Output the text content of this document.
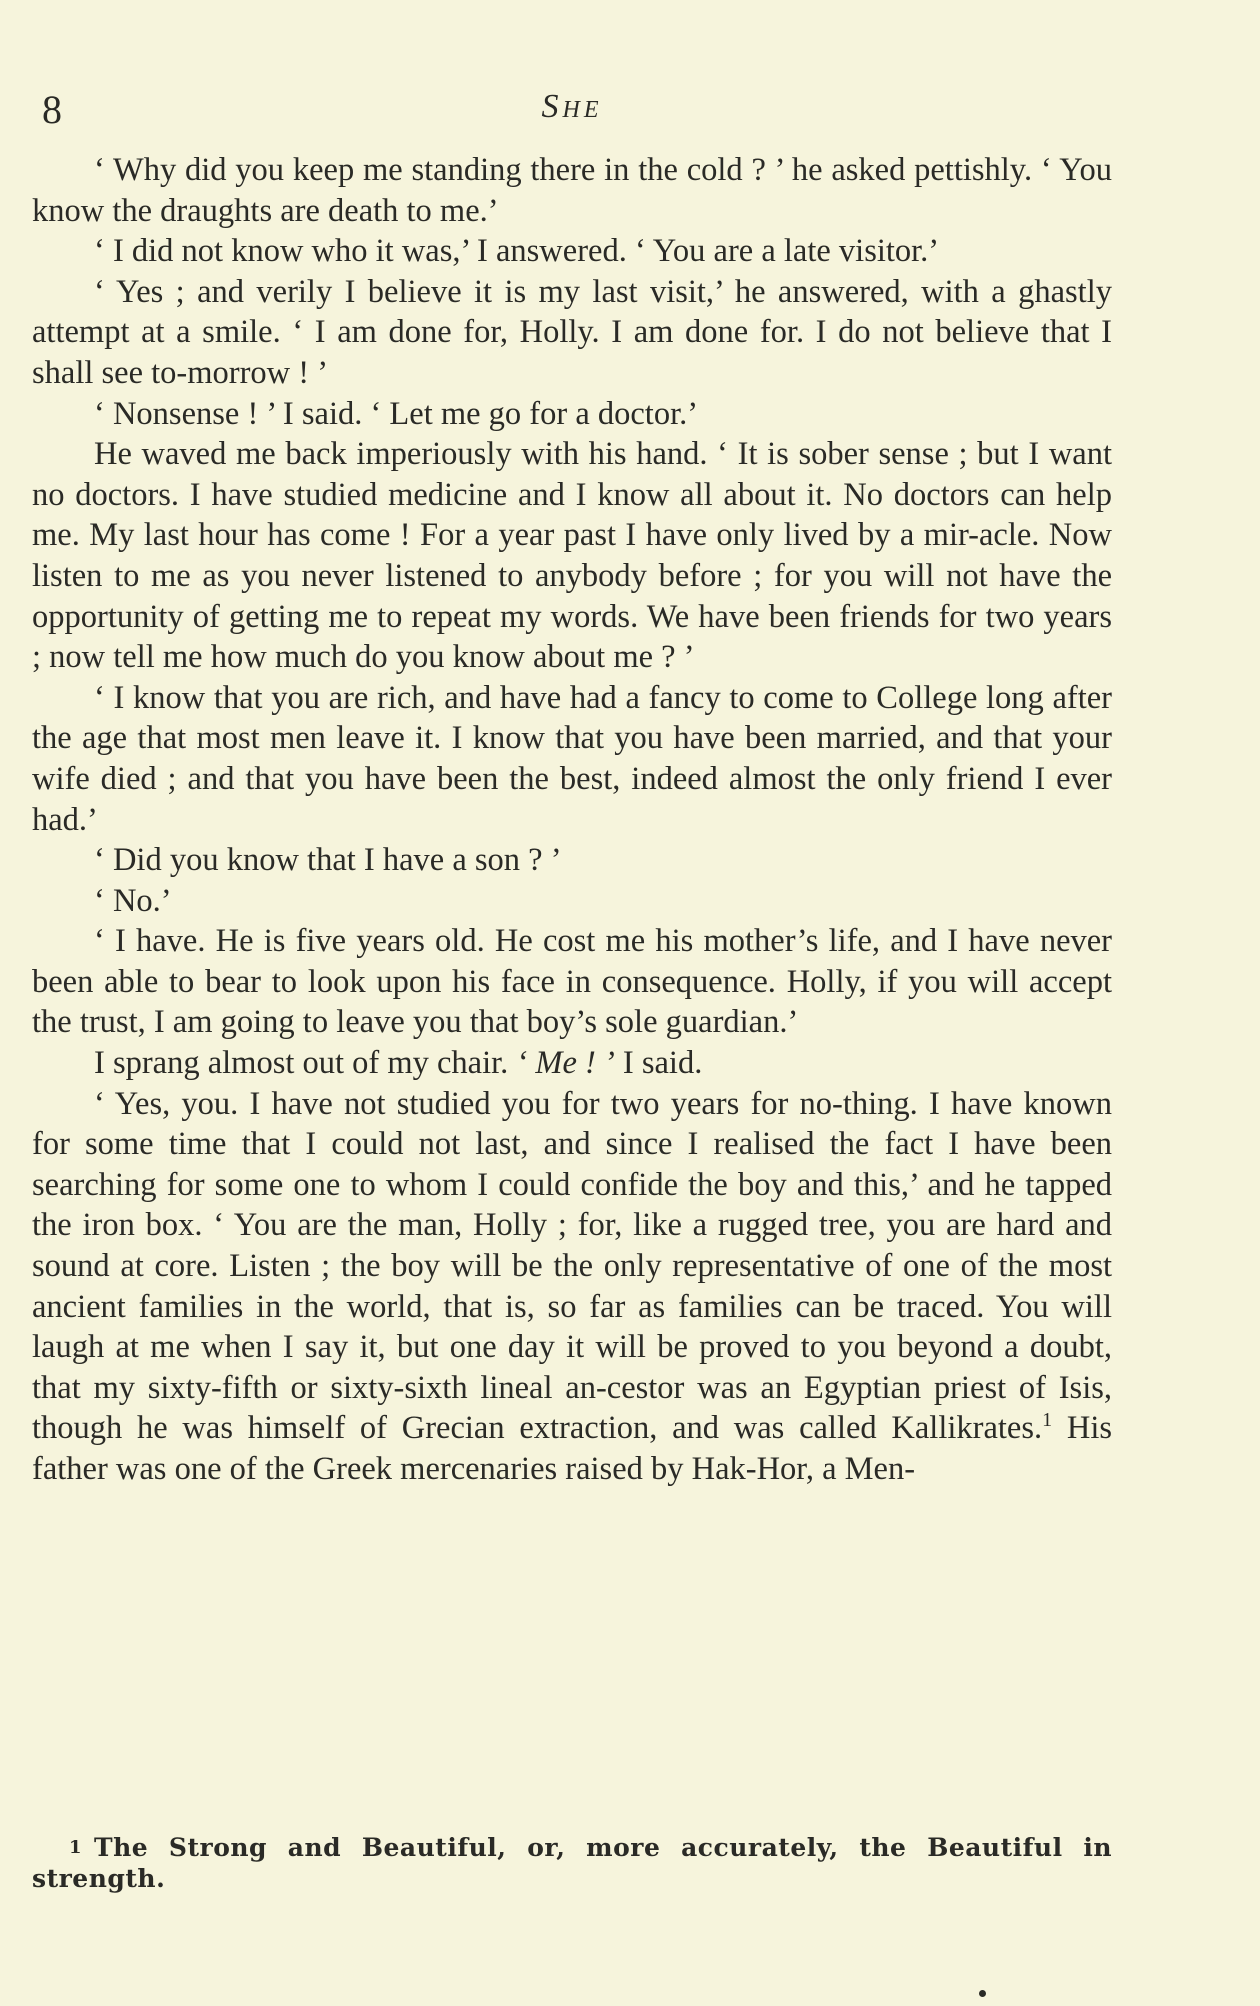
8	She

‘ Why did you keep me standing there in the cold ? ’ he asked pettishly. ‘ You know the draughts are death to me.’

‘ I did not know who it was,’ I answered. ‘ You are a late visitor.’

‘ Yes ; and verily I believe it is my last visit,’ he answered, with a ghastly attempt at a smile. ‘ I am done for, Holly. I am done for. I do not believe that I shall see to-morrow ! ’

‘ Nonsense ! ’ I said. ‘ Let me go for a doctor.’

He waved me back imperiously with his hand. ‘ It is sober sense ; but I want no doctors. I have studied medicine and I know all about it. No doctors can help me. My last hour has come ! For a year past I have only lived by a mir-acle. Now listen to me as you never listened to anybody before ; for you will not have the opportunity of getting me to repeat my words. We have been friends for two years ; now tell me how much do you know about me ? ’

‘ I know that you are rich, and have had a fancy to come to College long after the age that most men leave it. I know that you have been married, and that your wife died ; and that you have been the best, indeed almost the only friend I ever had.’

‘ Did you know that I have a son ? ’

‘ No.’

‘ I have. He is five years old. He cost me his mother’s life, and I have never been able to bear to look upon his face in consequence. Holly, if you will accept the trust, I am going to leave you that boy’s sole guardian.’

I sprang almost out of my chair. ‘ Me ! ’ I said.

‘ Yes, you. I have not studied you for two years for no-thing. I have known for some time that I could not last, and since I realised the fact I have been searching for some one to whom I could confide the boy and this,’ and he tapped the iron box. ‘ You are the man, Holly ; for, like a rugged tree, you are hard and sound at core. Listen ; the boy will be the only representative of one of the most ancient families in the world, that is, so far as families can be traced. You will laugh at me when I say it, but one day it will be proved to you beyond a doubt, that my sixty-fifth or sixty-sixth lineal an-cestor was an Egyptian priest of Isis, though he was himself of Grecian extraction, and was called Kallikrates.$^1$ His father was one of the Greek mercenaries raised by Hak-Hor, a Men-

1 The Strong and Beautiful, or, more accurately, the Beautiful in strength.
